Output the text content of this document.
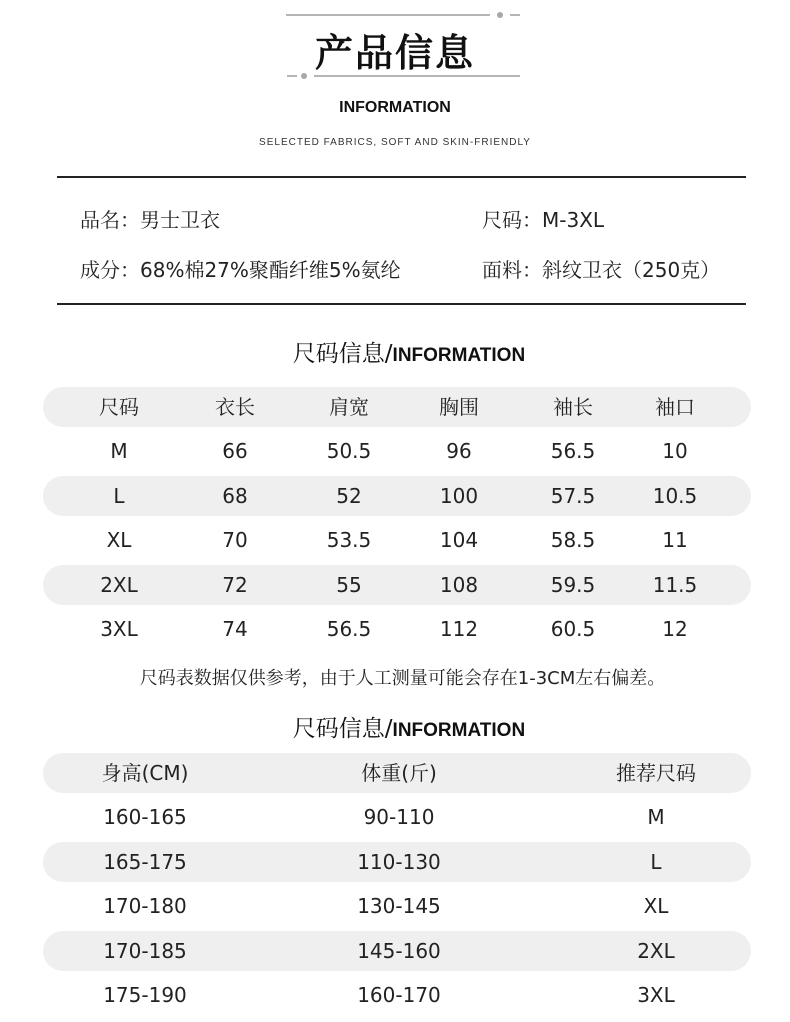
产品信息
INFORMATION
SELECTED FABRICS, SOFT AND SKIN-FRIENDLY
品名：男士卫衣	尺码：M-3XL
成分：68%棉27%聚酯纤维5%氨纶	面料：斜纹卫衣（250克）
尺码信息/INFORMATION
尺码	衣长	肩宽	胸围	袖长	袖口
M	66	50.5	96	56.5	10
L	68	52	100	57.5	10.5
XL	70	53.5	104	58.5	11
2XL	72	55	108	59.5	11.5
3XL	74	56.5	112	60.5	12
尺码表数据仅供参考，由于人工测量可能会存在1-3CM左右偏差。
尺码信息/INFORMATION
身高(CM)	体重(斤)	推荐尺码
160-165	90-110	M
165-175	110-130	L
170-180	130-145	XL
170-185	145-160	2XL
175-190	160-170	3XL
